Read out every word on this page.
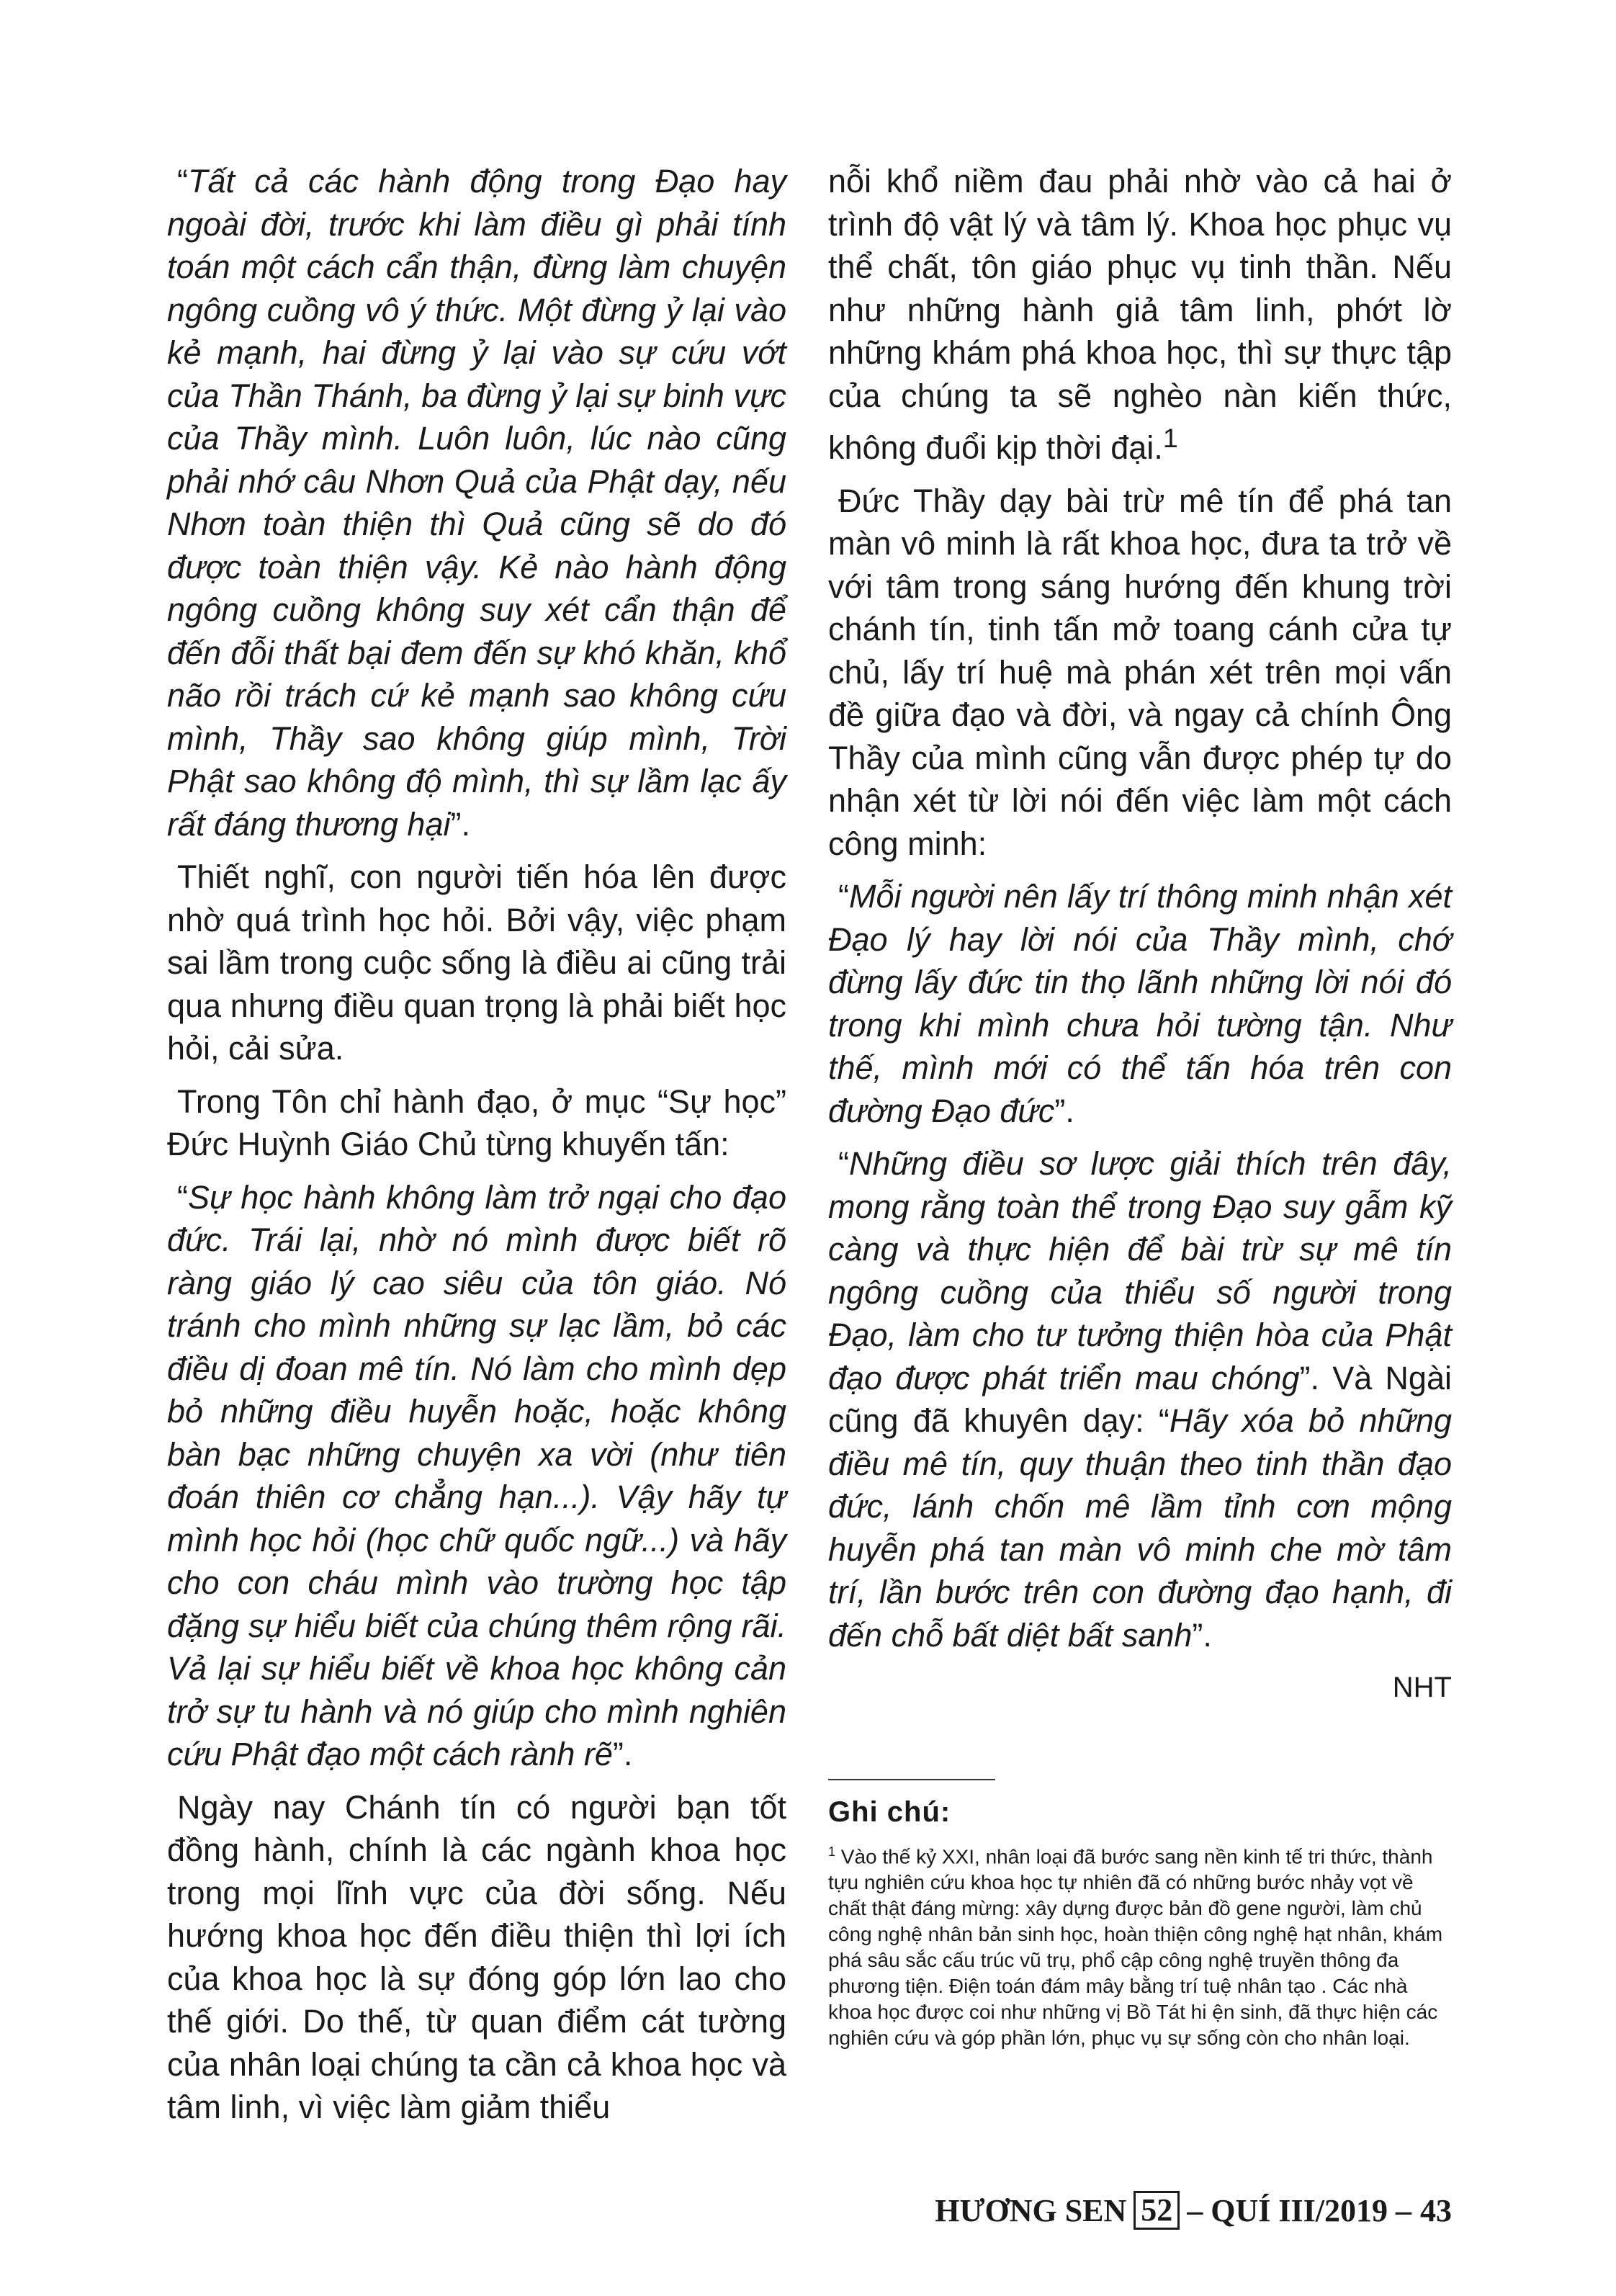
“Tất cả các hành động trong Đạo hay ngoài đời, trước khi làm điều gì phải tính toán một cách cẩn thận, đừng làm chuyện ngông cuồng vô ý thức. Một đừng ỷ lại vào kẻ mạnh, hai đừng ỷ lại vào sự cứu vớt của Thần Thánh, ba đừng ỷ lại sự binh vực của Thầy mình. Luôn luôn, lúc nào cũng phải nhớ câu Nhơn Quả của Phật dạy, nếu Nhơn toàn thiện thì Quả cũng sẽ do đó được toàn thiện vậy. Kẻ nào hành động ngông cuồng không suy xét cẩn thận để đến đỗi thất bại đem đến sự khó khăn, khổ não rồi trách cứ kẻ mạnh sao không cứu mình, Thầy sao không giúp mình, Trời Phật sao không độ mình, thì sự lầm lạc ấy rất đáng thương hại”.

Thiết nghĩ, con người tiến hóa lên được nhờ quá trình học hỏi. Bởi vậy, việc phạm sai lầm trong cuộc sống là điều ai cũng trải qua nhưng điều quan trọng là phải biết học hỏi, cải sửa.

Trong Tôn chỉ hành đạo, ở mục “Sự học” Đức Huỳnh Giáo Chủ từng khuyến tấn:

“Sự học hành không làm trở ngại cho đạo đức. Trái lại, nhờ nó mình được biết rõ ràng giáo lý cao siêu của tôn giáo. Nó tránh cho mình những sự lạc lầm, bỏ các điều dị đoan mê tín. Nó làm cho mình dẹp bỏ những điều huyễn hoặc, hoặc không bàn bạc những chuyện xa vời (như tiên đoán thiên cơ chẳng hạn...). Vậy hãy tự mình học hỏi (học chữ quốc ngữ...) và hãy cho con cháu mình vào trường học tập đặng sự hiểu biết của chúng thêm rộng rãi. Vả lại sự hiểu biết về khoa học không cản trở sự tu hành và nó giúp cho mình nghiên cứu Phật đạo một cách rành rẽ”.

Ngày nay Chánh tín có người bạn tốt đồng hành, chính là các ngành khoa học trong mọi lĩnh vực của đời sống. Nếu hướng khoa học đến điều thiện thì lợi ích của khoa học là sự đóng góp lớn lao cho thế giới. Do thế, từ quan điểm cát tường của nhân loại chúng ta cần cả khoa học và tâm linh, vì việc làm giảm thiểu

nỗi khổ niềm đau phải nhờ vào cả hai ở trình độ vật lý và tâm lý. Khoa học phục vụ thể chất, tôn giáo phục vụ tinh thần. Nếu như những hành giả tâm linh, phớt lờ những khám phá khoa học, thì sự thực tập của chúng ta sẽ nghèo nàn kiến thức, không đuổi kịp thời đại.$^1$

Đức Thầy dạy bài trừ mê tín để phá tan màn vô minh là rất khoa học, đưa ta trở về với tâm trong sáng hướng đến khung trời chánh tín, tinh tấn mở toang cánh cửa tự chủ, lấy trí huệ mà phán xét trên mọi vấn đề giữa đạo và đời, và ngay cả chính Ông Thầy của mình cũng vẫn được phép tự do nhận xét từ lời nói đến việc làm một cách công minh:

“Mỗi người nên lấy trí thông minh nhận xét Đạo lý hay lời nói của Thầy mình, chớ đừng lấy đức tin thọ lãnh những lời nói đó trong khi mình chưa hỏi tường tận. Như thế, mình mới có thể tấn hóa trên con đường Đạo đức”.

“Những điều sơ lược giải thích trên đây, mong rằng toàn thể trong Đạo suy gẫm kỹ càng và thực hiện để bài trừ sự mê tín ngông cuồng của thiểu số người trong Đạo, làm cho tư tưởng thiện hòa của Phật đạo được phát triển mau chóng”. Và Ngài cũng đã khuyên dạy: “Hãy xóa bỏ những điều mê tín, quy thuận theo tinh thần đạo đức, lánh chốn mê lầm tỉnh cơn mộng huyễn phá tan màn vô minh che mờ tâm trí, lần bước trên con đường đạo hạnh, đi đến chỗ bất diệt bất sanh”.

NHT

Ghi chú:

$^1$ Vào thế kỷ XXI, nhân loại đã bước sang nền kinh tế tri thức, thành tựu nghiên cứu khoa học tự nhiên đã có những bước nhảy vọt về chất thật đáng mừng: xây dựng được bản đồ gene người, làm chủ công nghệ nhân bản sinh học, hoàn thiện công nghệ hạt nhân, khám phá sâu sắc cấu trúc vũ trụ, phổ cập công nghệ truyền thông đa phương tiện. Điện toán đám mây bằng trí tuệ nhân tạo . Các nhà khoa học được coi như những vị Bồ Tát hi ện sinh, đã thực hiện các nghiên cứu và góp phần lớn, phục vụ sự sống còn cho nhân loại.

HƯƠNG SEN 52 – QUÍ III/2019 – 43
